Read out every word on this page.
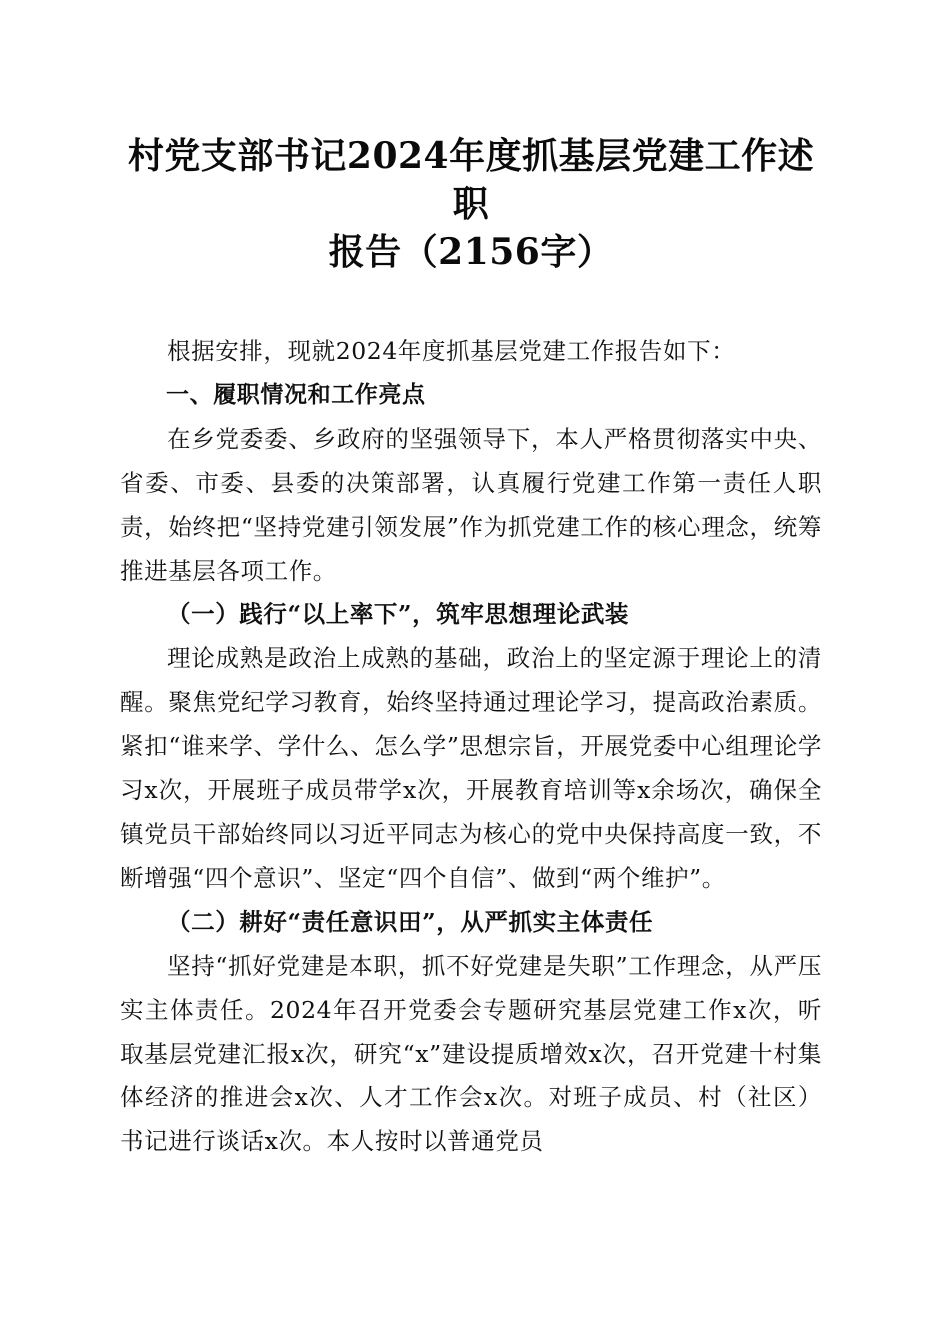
村党支部书记2024年度抓基层党建工作述职
报告（2156字）

根据安排，现就2024年度抓基层党建工作报告如下：

一、履职情况和工作亮点

在乡党委委、乡政府的坚强领导下，本人严格贯彻落实中央、省委、市委、县委的决策部署，认真履行党建工作第一责任人职责，始终把“坚持党建引领发展”作为抓党建工作的核心理念，统筹推进基层各项工作。

（一）践行“以上率下”，筑牢思想理论武装

理论成熟是政治上成熟的基础，政治上的坚定源于理论上的清醒。聚焦党纪学习教育，始终坚持通过理论学习，提高政治素质。紧扣“谁来学、学什么、怎么学”思想宗旨，开展党委中心组理论学习x次，开展班子成员带学x次，开展教育培训等x余场次，确保全镇党员干部始终同以习近平同志为核心的党中央保持高度一致，不断增强“四个意识”、坚定“四个自信”、做到“两个维护”。

（二）耕好“责任意识田”，从严抓实主体责任

坚持“抓好党建是本职，抓不好党建是失职”工作理念，从严压实主体责任。2024年召开党委会专题研究基层党建工作x次，听取基层党建汇报x次，研究“x”建设提质增效x次，召开党建十村集体经济的推进会x次、人才工作会x次。对班子成员、村（社区）书记进行谈话x次。本人按时以普通党员
